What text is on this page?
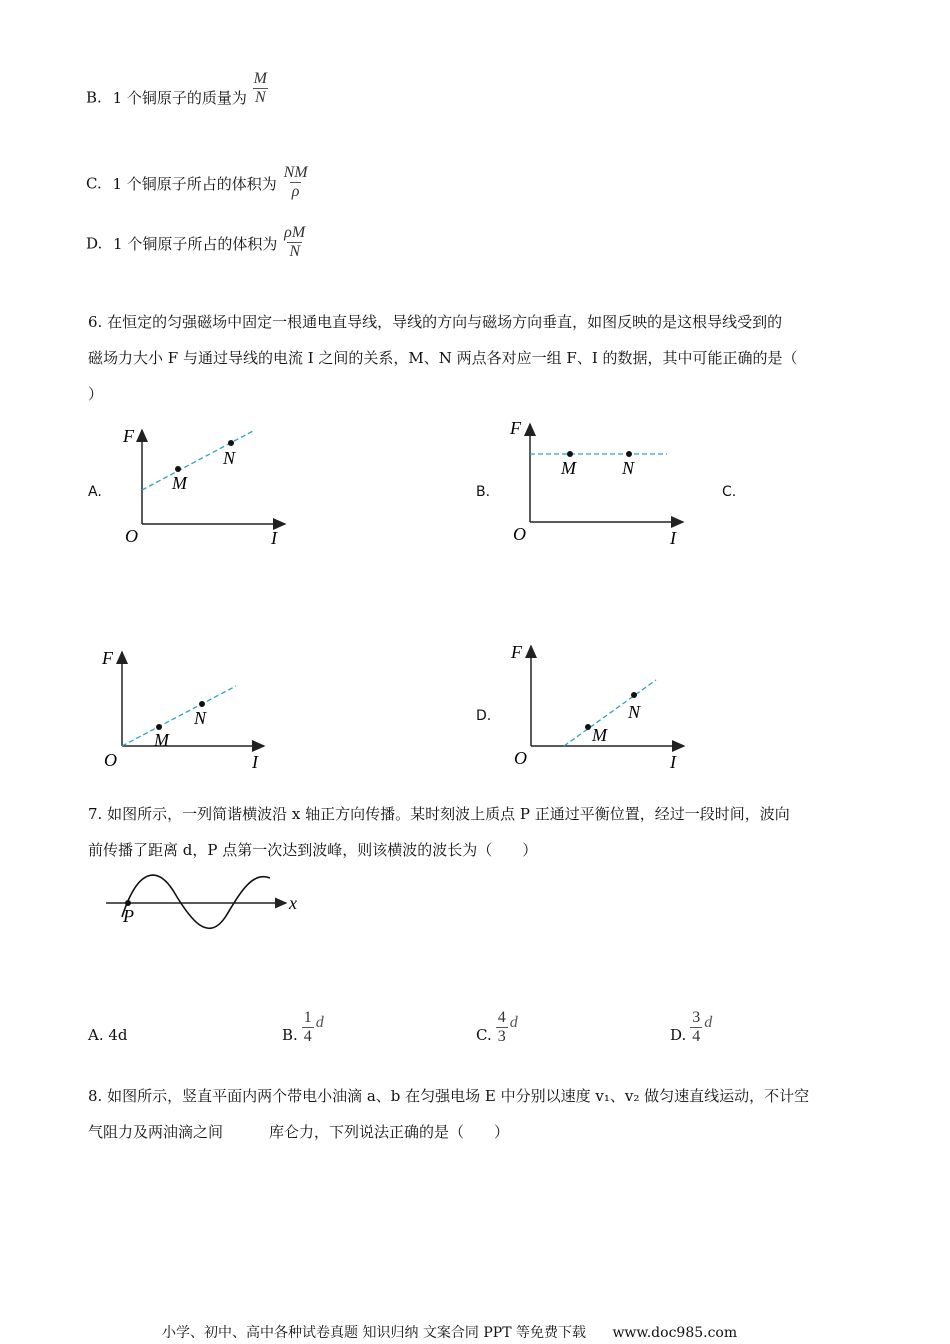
B. 1 个铜原子的质量为 $\frac{M}{N}$
C. 1 个铜原子所占的体积为 $\frac{NM}{\rho}$
D. 1 个铜原子所占的体积为 $\frac{\rho M}{N}$
6. 在恒定的匀强磁场中固定一根通电直导线，导线的方向与磁场方向垂直，如图反映的是这根导线受到的
磁场力大小 F 与通过导线的电流 I 之间的关系，M、N 两点各对应一组 F、I 的数据，其中可能正确的是（
）
A.	B.	C.
D.
F
I
O
M
N
F
I
O
M	N
F
I
O
M
N
F
I
O
M
N
7. 如图所示，一列简谐横波沿 x 轴正方向传播。某时刻波上质点 P 正通过平衡位置，经过一段时间，波向
前传播了距离 d，P 点第一次达到波峰，则该横波的波长为（　　）
x
P
A. 4d	B. $\frac{1}{4}$ d
C. $\frac{4}{3}$ d
D. $\frac{3}{4}$ d
8. 如图所示，竖直平面内两个带电小油滴 a、b 在匀强电场 E 中分别以速度 v₁、v₂ 做匀速直线运动，不计空
气阻力及两油滴之间	库仑力，下列说法正确的是（　　）
小学、初中、高中各种试卷真题 知识归纳 文案合同 PPT 等免费下载 www.doc985.com
